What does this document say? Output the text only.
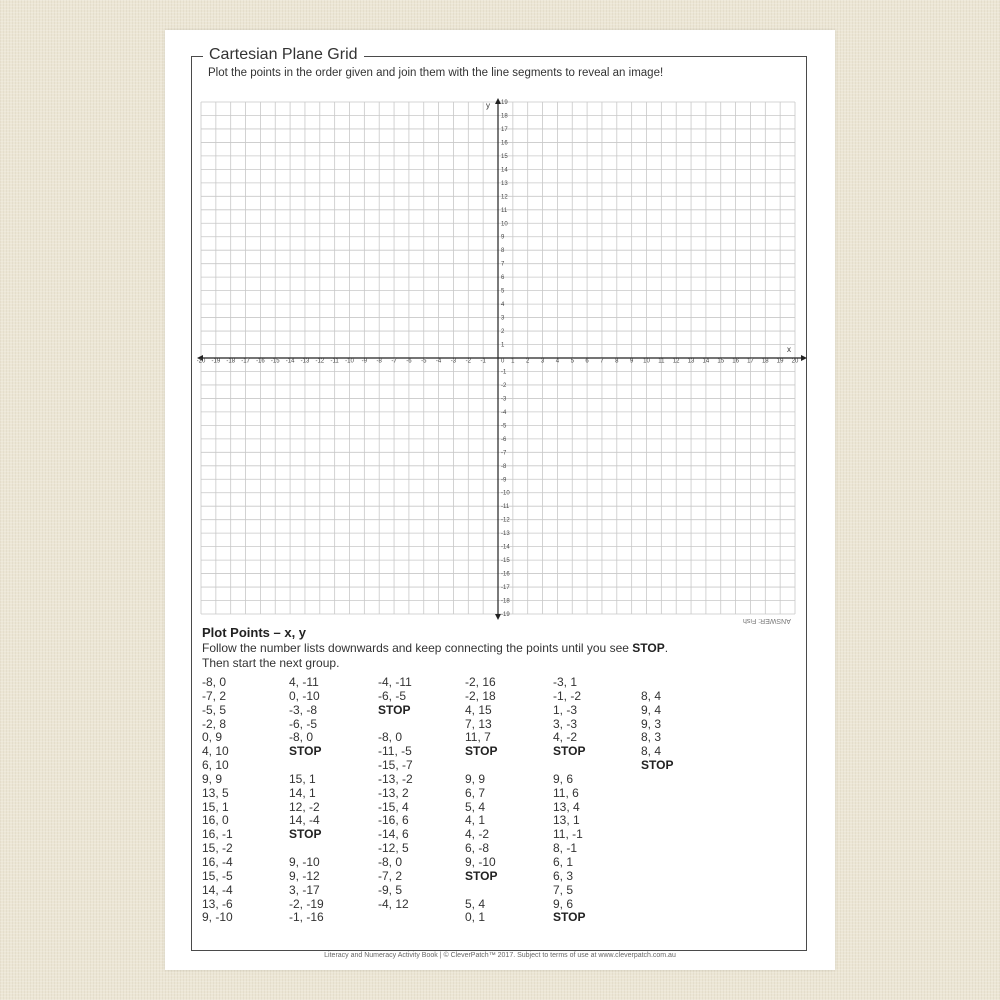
Cartesian Plane Grid
Plot the points in the order given and join them with the line segments to reveal an image!
x
y
-20 -19 -18 -17 -16 -15 -14 -13 -12 -11 -10 -9 -8 -7 -6 -5 -4 -3 -2 -1	0 1 2 3 4 5 6 7 8 9 10 11 12 13 14 15 16 17 18 19 20
19
18
17
16
15
14
13
12
11
10
9
8
7
6
5
4
3
2
1
-1
-2
-3
-4
-5
-6
-7
-8
-9
-10
-11
-12
-13
-14
-15
-16
-17
-18
-19
ANSWER: Fish
Plot Points – x, y
Follow the number lists downwards and keep connecting the points until you see STOP.
Then start the next group.
-8, 0
-7, 2
-5, 5
-2, 8
0, 9
4, 10
6, 10
9, 9
13, 5
15, 1
16, 0
16, -1
15, -2
16, -4
15, -5
14, -4
13, -6
9, -10
4, -11
0, -10
-3, -8
-6, -5
-8, 0
STOP
15, 1
14, 1
12, -2
14, -4
STOP
9, -10
9, -12
3, -17
-2, -19
-1, -16
-4, -11
-6, -5
STOP
-8, 0
-11, -5
-15, -7
-13, -2
-13, 2
-15, 4
-16, 6
-14, 6
-12, 5
-8, 0
-7, 2
-9, 5
-4, 12
-2, 16
-2, 18
4, 15
7, 13
11, 7
STOP
9, 9
6, 7
5, 4
4, 1
4, -2
6, -8
9, -10
STOP
5, 4
0, 1
-3, 1
-1, -2
1, -3
3, -3
4, -2
STOP
9, 6
11, 6
13, 4
13, 1
11, -1
8, -1
6, 1
6, 3
7, 5
9, 6
STOP
8, 4
9, 4
9, 3
8, 3
8, 4
STOP
Literacy and Numeracy Activity Book | © CleverPatch™ 2017. Subject to terms of use at www.cleverpatch.com.au
